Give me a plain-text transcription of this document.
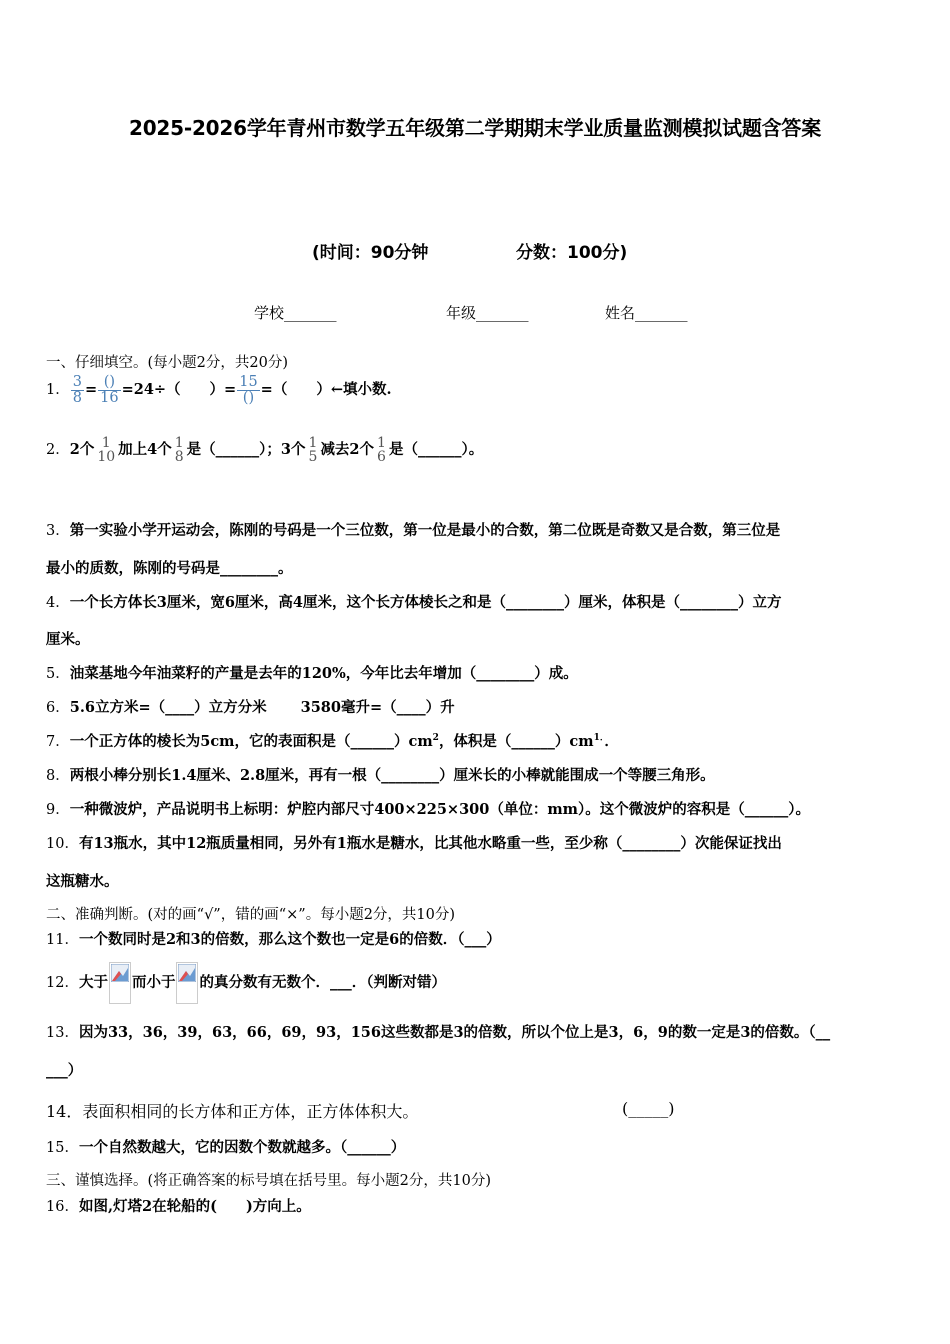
2025-2026学年青州市数学五年级第二学期期末学业质量监测模拟试题含答案
(时间：90分钟	分数：100分)
学校_______	年级_______	姓名_______
一、仔细填空。(每小题2分，共20分)
1． $\frac{3}{8} = \frac{()}{16} =24\div$（　　）= $\frac{15}{()}$ =（　　）←填小数.
2．2个 1
10 加上4个 1
8 是（______）；3个 1
5 减去2个 1
6 是（______）。
3．第一实验小学开运动会，陈刚的号码是一个三位数，第一位是最小的合数，第二位既是奇数又是合数，第三位是
最小的质数，陈刚的号码是________。
4．一个长方体长3厘米，宽6厘米，高4厘米，这个长方体棱长之和是（________）厘米，体积是（________）立方
厘米。
5．油菜基地今年油菜籽的产量是去年的120%，今年比去年增加（________）成。
6．5.6立方米=（____）立方分米 3580毫升=（____）升
7．一个正方体的棱长为5cm，它的表面积是$(\_\_\_\_\_\_)cm^2$，体积是$(\_\_\_\_\_\_)cm^{1.}$．
8．两根小棒分别长1.4厘米、2.8厘米，再有一根（________）厘米长的小棒就能围成一个等腰三角形。
9．一种微波炉，产品说明书上标明：炉腔内部尺寸400×225×300（单位：mm）。这个微波炉的容积是（______）。
10．有13瓶水，其中12瓶质量相同，另外有1瓶水是糖水，比其他水略重一些，至少称（________）次能保证找出
这瓶糖水。
二、准确判断。(对的画“√”，错的画“×”。每小题2分，共10分)
11．一个数同时是2和3的倍数，那么这个数也一定是6的倍数．（___）
12．大于 而小于 的真分数有无数个．___．（判断对错）
13．因为33，36，39，63，66，69，93，156这些数都是3的倍数，所以个位上是3，6，9的数一定是3的倍数。（__
___）
14．表面积相同的长方体和正方体，正方体体积大。	(_____)
15．一个自然数越大，它的因数个数就越多。（______）
三、谨慎选择。(将正确答案的标号填在括号里。每小题2分，共10分)
16．如图,灯塔2在轮船的(　　)方向上。
